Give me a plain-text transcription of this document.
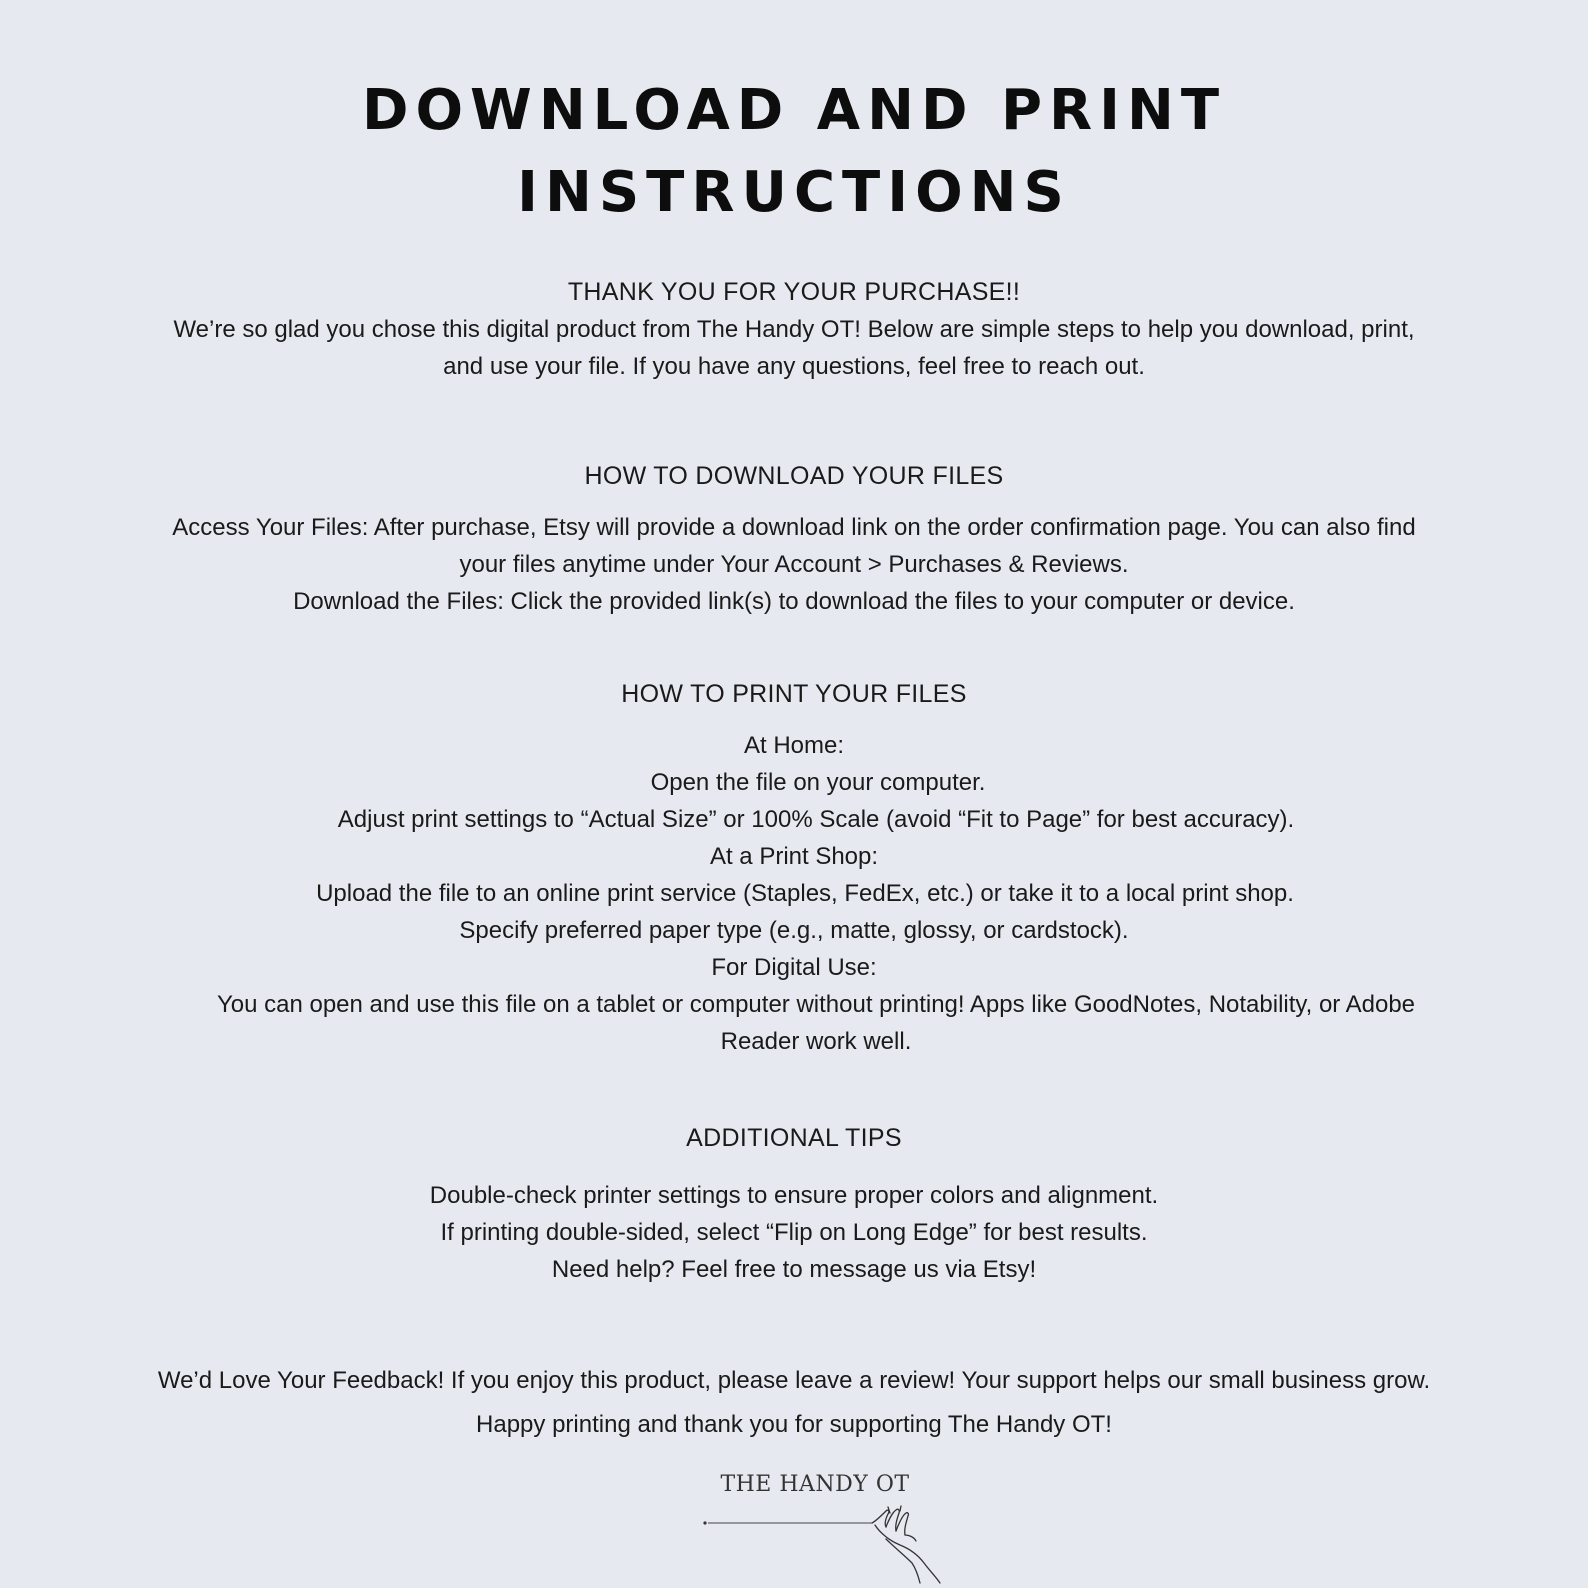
DOWNLOAD AND PRINT
INSTRUCTIONS
THANK YOU FOR YOUR PURCHASE!!
We’re so glad you chose this digital product from The Handy OT! Below are simple steps to help you download, print,
and use your file. If you have any questions, feel free to reach out.
HOW TO DOWNLOAD YOUR FILES
Access Your Files: After purchase, Etsy will provide a download link on the order confirmation page. You can also find
your files anytime under Your Account > Purchases & Reviews.
Download the Files: Click the provided link(s) to download the files to your computer or device.
HOW TO PRINT YOUR FILES
At Home:
Open the file on your computer.
Adjust print settings to “Actual Size” or 100% Scale (avoid “Fit to Page” for best accuracy).
At a Print Shop:
Upload the file to an online print service (Staples, FedEx, etc.) or take it to a local print shop.
Specify preferred paper type (e.g., matte, glossy, or cardstock).
For Digital Use:
You can open and use this file on a tablet or computer without printing! Apps like GoodNotes, Notability, or Adobe
Reader work well.
ADDITIONAL TIPS
Double-check printer settings to ensure proper colors and alignment.
If printing double-sided, select “Flip on Long Edge” for best results.
Need help? Feel free to message us via Etsy!
We’d Love Your Feedback! If you enjoy this product, please leave a review! Your support helps our small business grow.
Happy printing and thank you for supporting The Handy OT!
THE HANDY OT
